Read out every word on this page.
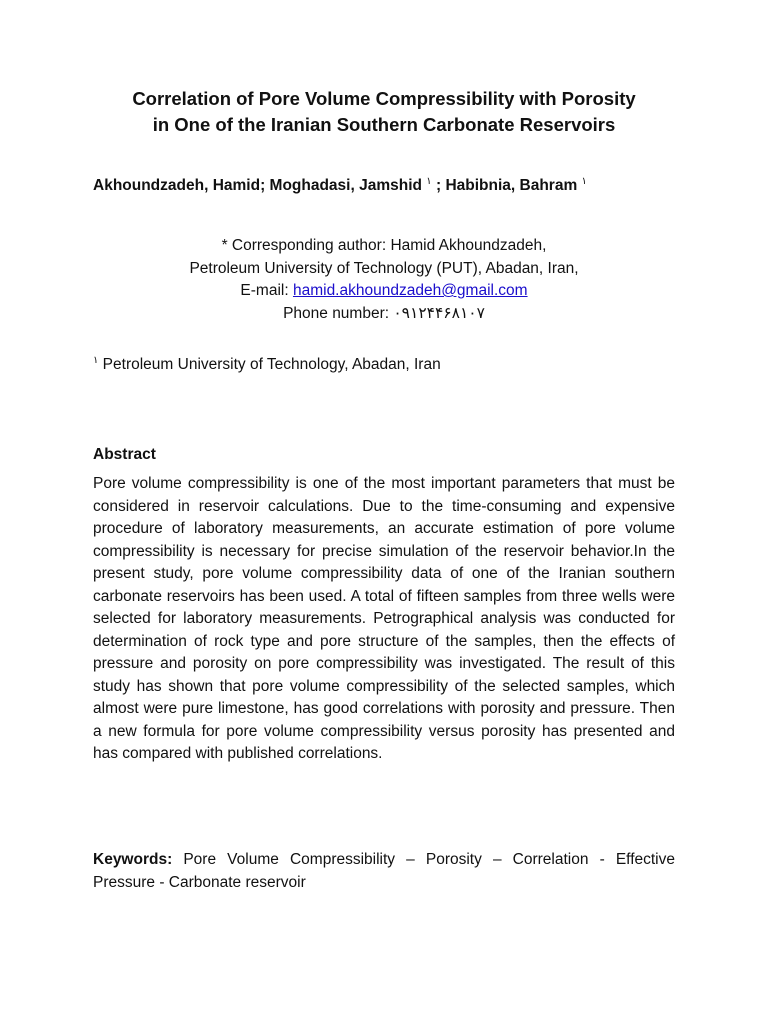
Correlation of Pore Volume Compressibility with Porosity
in One of the Iranian Southern Carbonate Reservoirs
Akhoundzadeh, Hamid; Moghadasi, Jamshid $^۱$ ; Habibnia, Bahram $^۱$
* Corresponding author: Hamid Akhoundzadeh,
Petroleum University of Technology (PUT), Abadan, Iran,
E-mail: hamid.akhoundzadeh@gmail.com
Phone number: ۰۹۱۲۴۴۶۸۱۰۷
$^۱$ Petroleum University of Technology, Abadan, Iran
Abstract
Pore volume compressibility is one of the most important parameters that must be considered in reservoir calculations. Due to the time-consuming and expensive procedure of laboratory measurements, an accurate estimation of pore volume compressibility is necessary for precise simulation of the reservoir behavior.In the present study, pore volume compressibility data of one of the Iranian southern carbonate reservoirs has been used. A total of fifteen samples from three wells were selected for laboratory measurements. Petrographical analysis was conducted for determination of rock type and pore structure of the samples, then the effects of pressure and porosity on pore compressibility was investigated. The result of this study has shown that pore volume compressibility of the selected samples, which almost were pure limestone, has good correlations with porosity and pressure. Then a new formula for pore volume compressibility versus porosity has presented and has compared with published correlations.
Keywords: Pore Volume Compressibility – Porosity – Correlation - Effective Pressure - Carbonate reservoir
